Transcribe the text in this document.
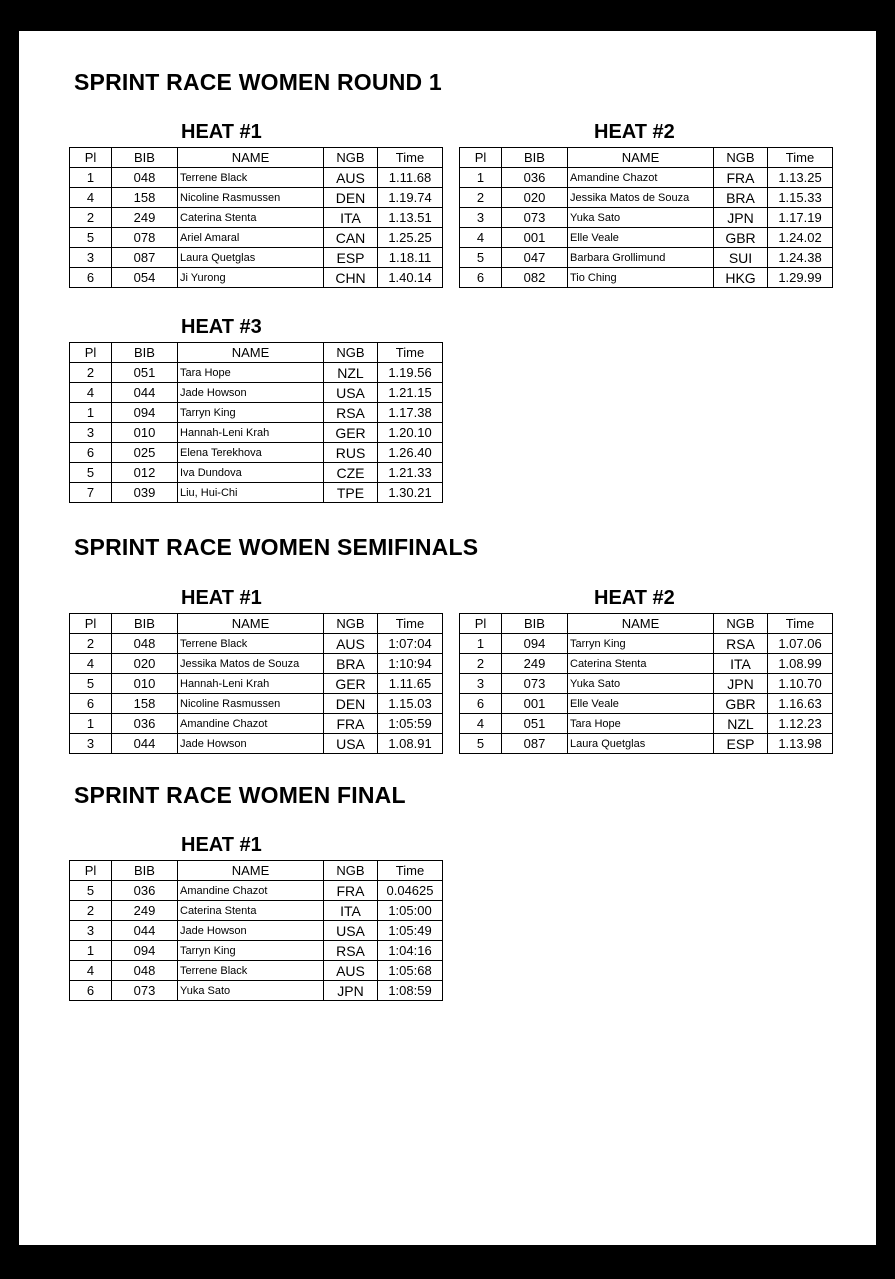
SPRINT RACE WOMEN ROUND 1
HEAT #1
Pl	BIB	NAME	NGB	Time
1	048	Terrene Black	AUS	1.11.68
4	158	Nicoline Rasmussen	DEN	1.19.74
2	249	Caterina Stenta	ITA	1.13.51
5	078	Ariel Amaral	CAN	1.25.25
3	087	Laura Quetglas	ESP	1.18.11
6	054	Ji Yurong	CHN	1.40.14
HEAT #2
Pl	BIB	NAME	NGB	Time
1	036	Amandine Chazot	FRA	1.13.25
2	020	Jessika Matos de Souza	BRA	1.15.33
3	073	Yuka Sato	JPN	1.17.19
4	001	Elle Veale	GBR	1.24.02
5	047	Barbara Grollimund	SUI	1.24.38
6	082	Tio Ching	HKG	1.29.99
HEAT #3
Pl	BIB	NAME	NGB	Time
2	051	Tara Hope	NZL	1.19.56
4	044	Jade Howson	USA	1.21.15
1	094	Tarryn King	RSA	1.17.38
3	010	Hannah-Leni Krah	GER	1.20.10
6	025	Elena Terekhova	RUS	1.26.40
5	012	Iva Dundova	CZE	1.21.33
7	039	Liu, Hui-Chi	TPE	1.30.21
SPRINT RACE WOMEN SEMIFINALS
HEAT #1
Pl	BIB	NAME	NGB	Time
2	048	Terrene Black	AUS	1:07:04
4	020	Jessika Matos de Souza	BRA	1:10:94
5	010	Hannah-Leni Krah	GER	1.11.65
6	158	Nicoline Rasmussen	DEN	1.15.03
1	036	Amandine Chazot	FRA	1:05:59
3	044	Jade Howson	USA	1.08.91
HEAT #2
Pl	BIB	NAME	NGB	Time
1	094	Tarryn King	RSA	1.07.06
2	249	Caterina Stenta	ITA	1.08.99
3	073	Yuka Sato	JPN	1.10.70
6	001	Elle Veale	GBR	1.16.63
4	051	Tara Hope	NZL	1.12.23
5	087	Laura Quetglas	ESP	1.13.98
SPRINT RACE WOMEN FINAL
HEAT #1
Pl	BIB	NAME	NGB	Time
5	036	Amandine Chazot	FRA	0.04625
2	249	Caterina Stenta	ITA	1:05:00
3	044	Jade Howson	USA	1:05:49
1	094	Tarryn King	RSA	1:04:16
4	048	Terrene Black	AUS	1:05:68
6	073	Yuka Sato	JPN	1:08:59
